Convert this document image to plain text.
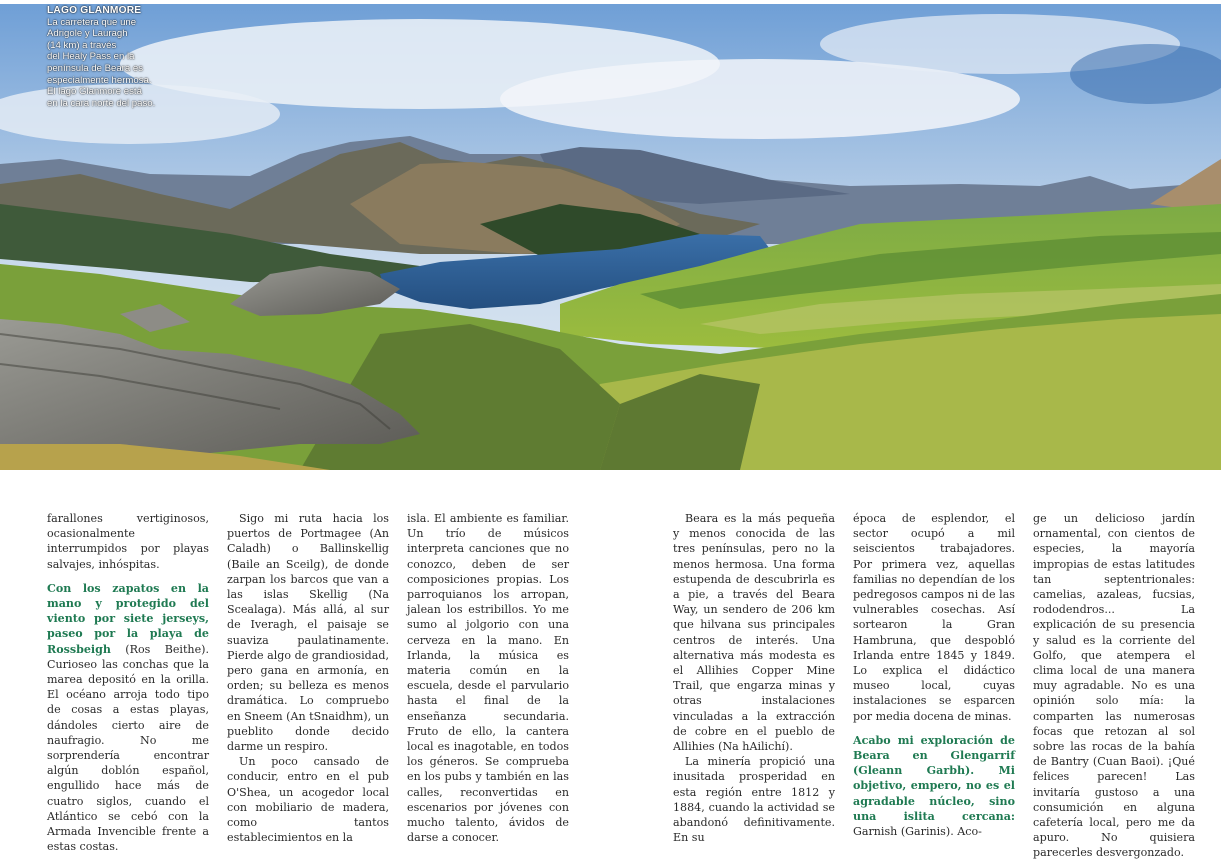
LAGO GLANMORE
La carretera que une
Adrigole y Lauragh
(14 km) a través
del Healy Pass en la
península de Beara es
especialmente hermosa.
El lago Glanmore está
en la cara norte del paso.

farallones vertiginosos, ocasionalmente interrumpidos por playas salvajes, inhóspitas.

Con los zapatos en la mano y protegido del viento por siete jerseys, paseo por la playa de Rossbeigh (Ros Beithe). Curioseo las conchas que la marea depositó en la orilla. El océano arroja todo tipo de cosas a estas playas, dándoles cierto aire de naufragio. No me sorprendería encontrar algún doblón español, engullido hace más de cuatro siglos, cuando el Atlántico se cebó con la Armada Invencible frente a estas costas.

Sigo mi ruta hacia los puertos de Portmagee (An Caladh) o Ballinskellig (Baile an Sceilg), de donde zarpan los barcos que van a las islas Skellig (Na Scealaga). Más allá, al sur de Iveragh, el paisaje se suaviza paulatinamente. Pierde algo de grandiosidad, pero gana en armonía, en orden; su belleza es menos dramática. Lo compruebo en Sneem (An tSnaidhm), un pueblito donde decido darme un respiro.

Un poco cansado de conducir, entro en el pub O'Shea, un acogedor local con mobiliario de madera, como tantos establecimientos en la

isla. El ambiente es familiar. Un trío de músicos interpreta canciones que no conozco, deben de ser composiciones propias. Los parroquianos los arropan, jalean los estribillos. Yo me sumo al jolgorio con una cerveza en la mano. En Irlanda, la música es materia común en la escuela, desde el parvulario hasta el final de la enseñanza secundaria. Fruto de ello, la cantera local es inagotable, en todos los géneros. Se comprueba en los pubs y también en las calles, reconvertidas en escenarios por jóvenes con mucho talento, ávidos de darse a conocer.

Beara es la más pequeña y menos conocida de las tres penínsulas, pero no la menos hermosa. Una forma estupenda de descubrirla es a pie, a través del Beara Way, un sendero de 206 km que hilvana sus principales centros de interés. Una alternativa más modesta es el Allihies Copper Mine Trail, que engarza minas y otras instalaciones vinculadas a la extracción de cobre en el pueblo de Allihies (Na hAilichí).

La minería propició una inusitada prosperidad en esta región entre 1812 y 1884, cuando la actividad se abandonó definitivamente. En su

época de esplendor, el sector ocupó a mil seiscientos trabajadores. Por primera vez, aquellas familias no dependían de los pedregosos campos ni de las vulnerables cosechas. Así sortearon la Gran Hambruna, que despobló Irlanda entre 1845 y 1849. Lo explica el didáctico museo local, cuyas instalaciones se esparcen por media docena de minas.

Acabo mi exploración de Beara en Glengarrif (Gleann Garbh). Mi objetivo, empero, no es el agradable núcleo, sino una islita cercana: Garnish (Garinis). Aco-

ge un delicioso jardín ornamental, con cientos de especies, la mayoría impropias de estas latitudes tan septentrionales: camelias, azaleas, fucsias, rododendros... La explicación de su presencia y salud es la corriente del Golfo, que atempera el clima local de una manera muy agradable. No es una opinión solo mía: la comparten las numerosas focas que retozan al sol sobre las rocas de la bahía de Bantry (Cuan Baoi). ¡Qué felices parecen! Las invitaría gustoso a una consumición en alguna cafetería local, pero me da apuro. No quisiera parecerles desvergonzado.
